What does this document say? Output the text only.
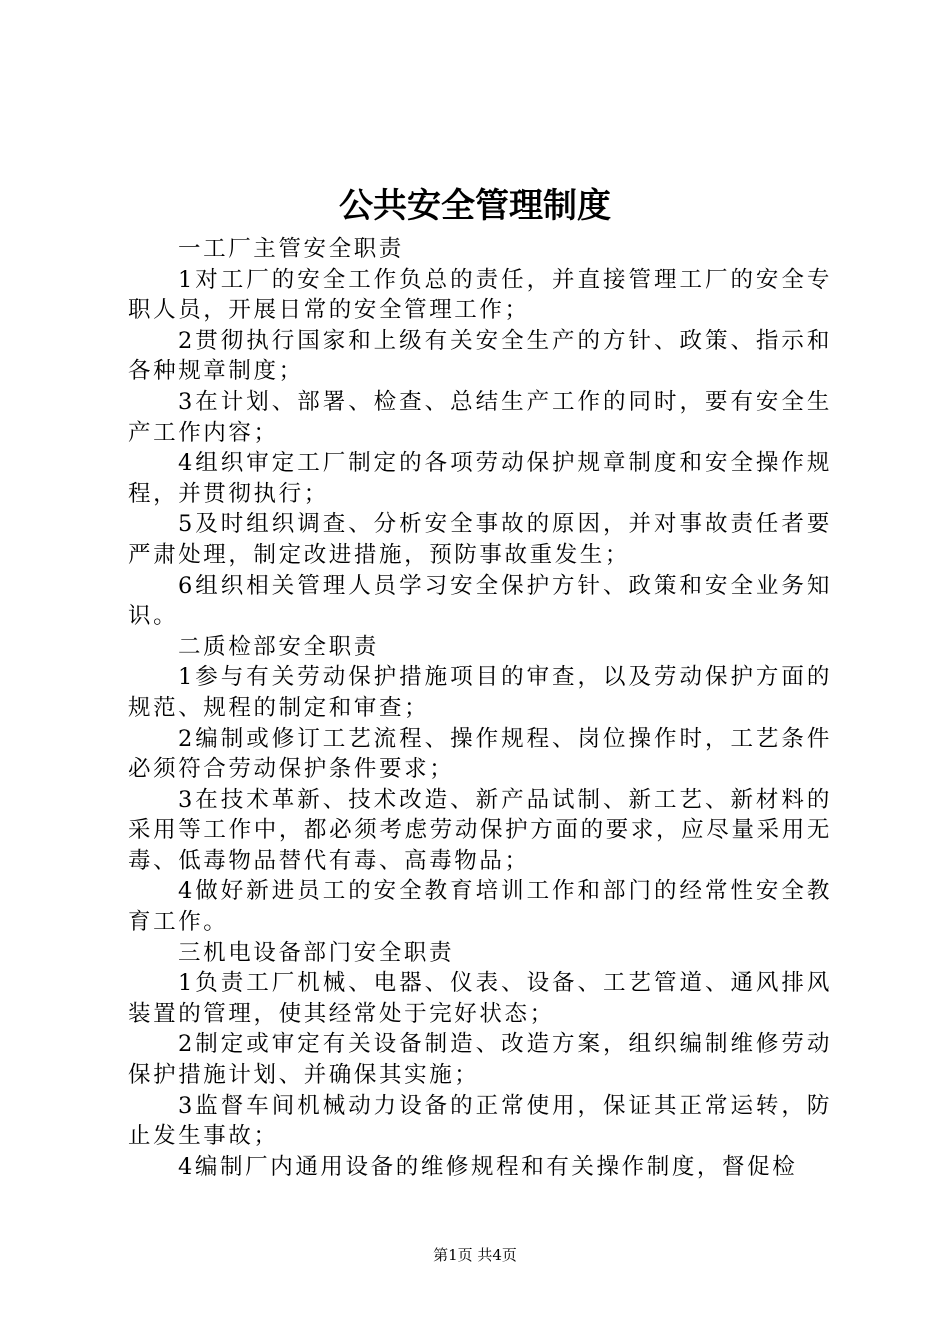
公共安全管理制度

一工厂主管安全职责

1对工厂的安全工作负总的责任，并直接管理工厂的安全专职人员，开展日常的安全管理工作；

2贯彻执行国家和上级有关安全生产的方针、政策、指示和各种规章制度；

3在计划、部署、检查、总结生产工作的同时，要有安全生产工作内容；

4组织审定工厂制定的各项劳动保护规章制度和安全操作规程，并贯彻执行；

5及时组织调查、分析安全事故的原因，并对事故责任者要严肃处理，制定改进措施，预防事故重发生；

6组织相关管理人员学习安全保护方针、政策和安全业务知识。

二质检部安全职责

1参与有关劳动保护措施项目的审查，以及劳动保护方面的规范、规程的制定和审查；

2编制或修订工艺流程、操作规程、岗位操作时，工艺条件必须符合劳动保护条件要求；

3在技术革新、技术改造、新产品试制、新工艺、新材料的采用等工作中，都必须考虑劳动保护方面的要求，应尽量采用无毒、低毒物品替代有毒、高毒物品；

4做好新进员工的安全教育培训工作和部门的经常性安全教育工作。

三机电设备部门安全职责

1负责工厂机械、电器、仪表、设备、工艺管道、通风排风装置的管理，使其经常处于完好状态；

2制定或审定有关设备制造、改造方案，组织编制维修劳动保护措施计划、并确保其实施；

3监督车间机械动力设备的正常使用，保证其正常运转，防止发生事故；

4编制厂内通用设备的维修规程和有关操作制度，督促检

第1页 共4页
